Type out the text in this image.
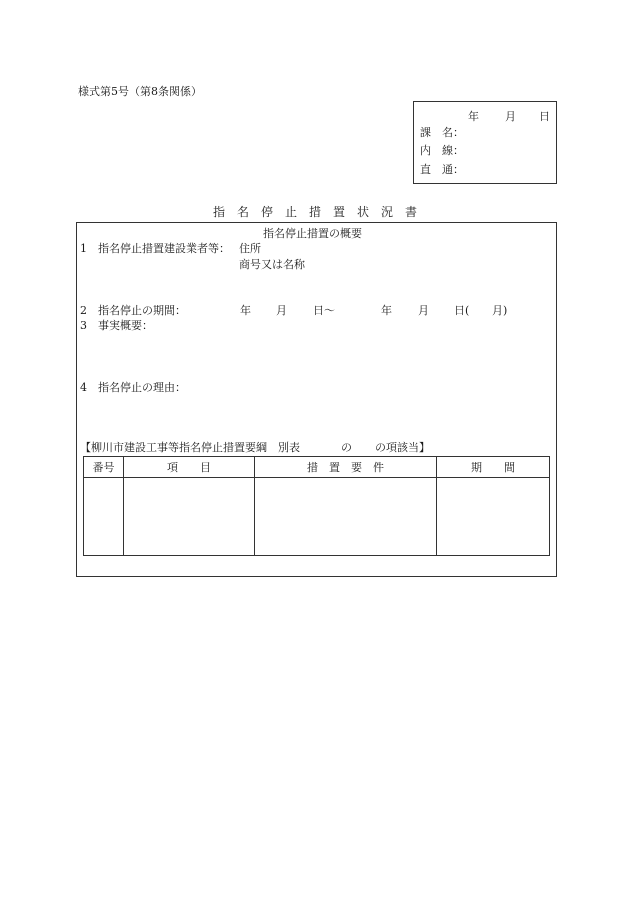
様式第5号（第8条関係）
年 月 日
課　名：
内　線：
直　通：
指　名　停　止　措　置　状　況　書
指名停止措置の概要
1　指名停止措置建設業者等： 住所
商号又は名称
2　指名停止の期間：	年 月 日〜	年 月 日( 月)
3　事実概要：
4　指名停止の理由：
【柳川市建設工事等指名停止措置要綱　別表	の の項該当】
番号	項　　目	措　置　要　件	期　　間
